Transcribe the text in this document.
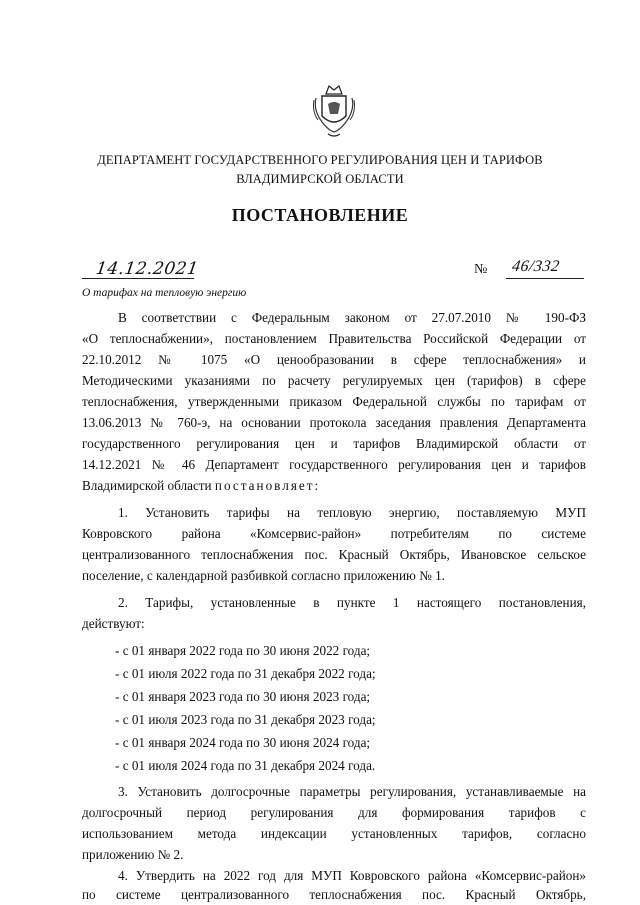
ДЕПАРТАМЕНТ ГОСУДАРСТВЕННОГО РЕГУЛИРОВАНИЯ ЦЕН И ТАРИФОВ
ВЛАДИМИРСКОЙ ОБЛАСТИ
ПОСТАНОВЛЕНИЕ
14.12.2021	№ 46/332
О тарифах на тепловую энергию
В соответствии с Федеральным законом от 27.07.2010 № 190-ФЗ
«О теплоснабжении», постановлением Правительства Российской Федерации от
22.10.2012 № 1075 «О ценообразовании в сфере теплоснабжения» и
Методическими указаниями по расчету регулируемых цен (тарифов) в сфере
теплоснабжения, утвержденными приказом Федеральной службы по тарифам от
13.06.2013 № 760-э, на основании протокола заседания правления Департамента
государственного регулирования цен и тарифов Владимирской области от
14.12.2021 № 46 Департамент государственного регулирования цен и тарифов
Владимирской области постановляет:
1. Установить тарифы на тепловую энергию, поставляемую МУП
Ковровского района «Комсервис-район» потребителям по системе
централизованного теплоснабжения пос. Красный Октябрь, Ивановское сельское
поселение, с календарной разбивкой согласно приложению № 1.
2. Тарифы, установленные в пункте 1 настоящего постановления,
действуют:
- с 01 января 2022 года по 30 июня 2022 года;
- с 01 июля 2022 года по 31 декабря 2022 года;
- с 01 января 2023 года по 30 июня 2023 года;
- с 01 июля 2023 года по 31 декабря 2023 года;
- с 01 января 2024 года по 30 июня 2024 года;
- с 01 июля 2024 года по 31 декабря 2024 года.
3. Установить долгосрочные параметры регулирования, устанавливаемые на
долгосрочный период регулирования для формирования тарифов с
использованием метода индексации установленных тарифов, согласно
приложению № 2.
4. Утвердить на 2022 год для МУП Ковровского района «Комсервис-район»
по системе централизованного теплоснабжения пос. Красный Октябрь,
